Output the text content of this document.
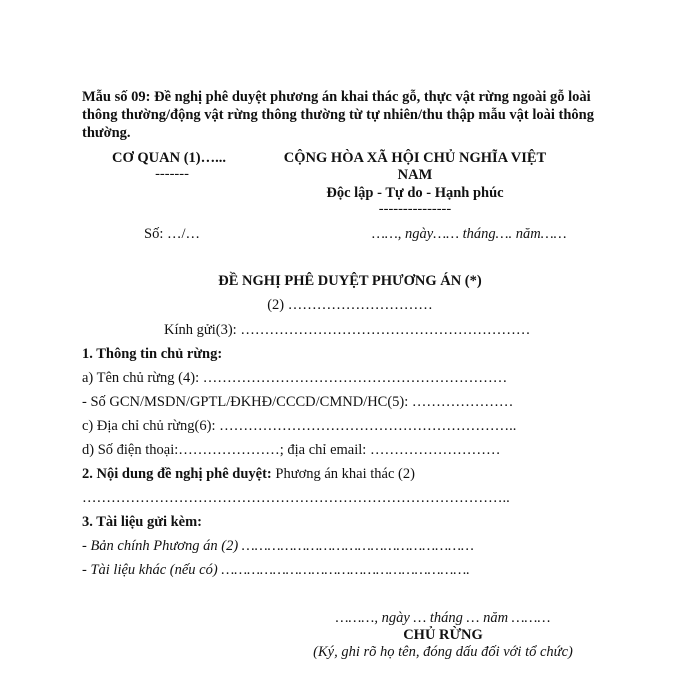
Mẫu số 09: Đề nghị phê duyệt phương án khai thác gỗ, thực vật rừng ngoài gỗ loài thông thường/động vật rừng thông thường từ tự nhiên/thu thập mẫu vật loài thông thường.
CƠ QUAN (1)…...
-------
CỘNG HÒA XÃ HỘI CHỦ NGHĨA VIỆT
NAM
Độc lập - Tự do - Hạnh phúc
---------------
Số: …/…	……, ngày…… tháng…. năm……
ĐỀ NGHỊ PHÊ DUYỆT PHƯƠNG ÁN (*)
(2) …………………………
Kính gửi(3): ……………………………………………………
1. Thông tin chủ rừng:
a) Tên chủ rừng (4): ………………………………………………………
- Số GCN/MSDN/GPTL/ĐKHĐ/CCCD/CMND/HC(5): …………………
c) Địa chỉ chủ rừng(6): ……………………………………………………..
d) Số điện thoại:…………………; địa chỉ email: ………………………
2. Nội dung đề nghị phê duyệt: Phương án khai thác (2)
……………………………………………………………………………..
3. Tài liệu gửi kèm:
- Bản chính Phương án (2) ………………………………………………
- Tài liệu khác (nếu có) ………………………………………………….
………, ngày … tháng … năm ………
CHỦ RỪNG
(Ký, ghi rõ họ tên, đóng dấu đối với tổ chức)
